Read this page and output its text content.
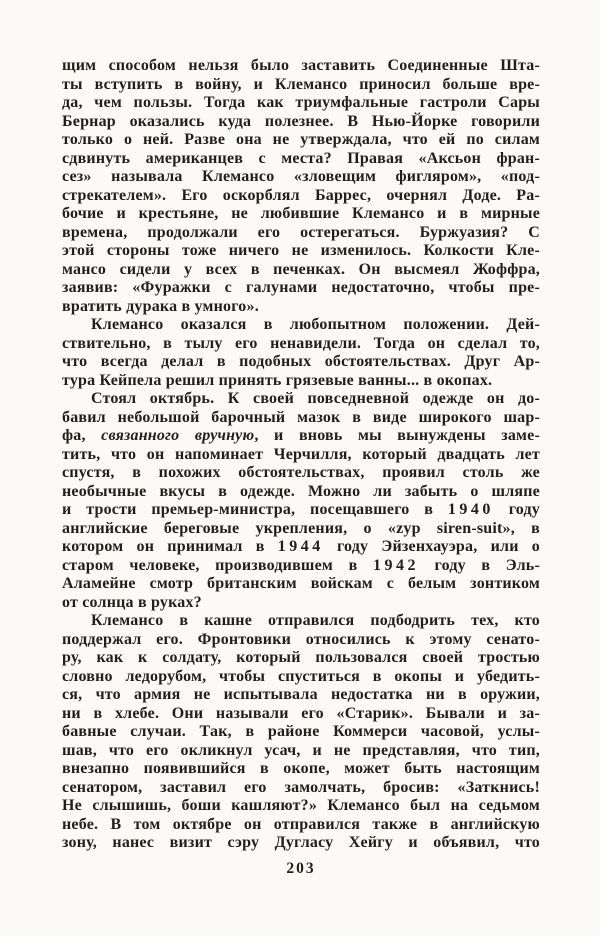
щим способом нельзя было заставить Соединенные Шта-
ты вступить в войну, и Клемансо приносил больше вре-
да, чем пользы. Тогда как триумфальные гастроли Сары
Бернар оказались куда полезнее. В Нью-Йорке говорили
только о ней. Разве она не утверждала, что ей по силам
сдвинуть американцев с места? Правая «Аксьон фран-
сез» называла Клемансо «зловещим фигляром», «под-
стрекателем». Его оскорблял Баррес, очернял Доде. Ра-
бочие и крестьяне, не любившие Клемансо и в мирные
времена, продолжали его остерегаться. Буржуазия? С
этой стороны тоже ничего не изменилось. Колкости Кле-
мансо сидели у всех в печенках. Он высмеял Жоффра,
заявив: «Фуражки с галунами недостаточно, чтобы пре-
вратить дурака в умного».
Клемансо оказался в любопытном положении. Дей-
ствительно, в тылу его ненавидели. Тогда он сделал то,
что всегда делал в подобных обстоятельствах. Друг Ар-
тура Кейпела решил принять грязевые ванны... в окопах.
Стоял октябрь. К своей повседневной одежде он до-
бавил небольшой барочный мазок в виде широкого шар-
фа, связанного вручную, и вновь мы вынуждены заме-
тить, что он напоминает Черчилля, который двадцать лет
спустя, в похожих обстоятельствах, проявил столь же
необычные вкусы в одежде. Можно ли забыть о шляпе
и трости премьер-министра, посещавшего в 1940 году
английские береговые укрепления, о «zyp siren-suit», в
котором он принимал в 1944 году Эйзенхауэра, или о
старом человеке, производившем в 1942 году в Эль-
Аламейне смотр британским войскам с белым зонтиком
от солнца в руках?
Клемансо в кашне отправился подбодрить тех, кто
поддержал его. Фронтовики относились к этому сенато-
ру, как к солдату, который пользовался своей тростью
словно ледорубом, чтобы спуститься в окопы и убедить-
ся, что армия не испытывала недостатка ни в оружии,
ни в хлебе. Они называли его «Старик». Бывали и за-
бавные случаи. Так, в районе Коммерси часовой, услы-
шав, что его окликнул усач, и не представляя, что тип,
внезапно появившийся в окопе, может быть настоящим
сенатором, заставил его замолчать, бросив: «Заткнись!
Не слышишь, боши кашляют?» Клемансо был на седьмом
небе. В том октябре он отправился также в английскую
зону, нанес визит сэру Дугласу Хейгу и объявил, что
203
